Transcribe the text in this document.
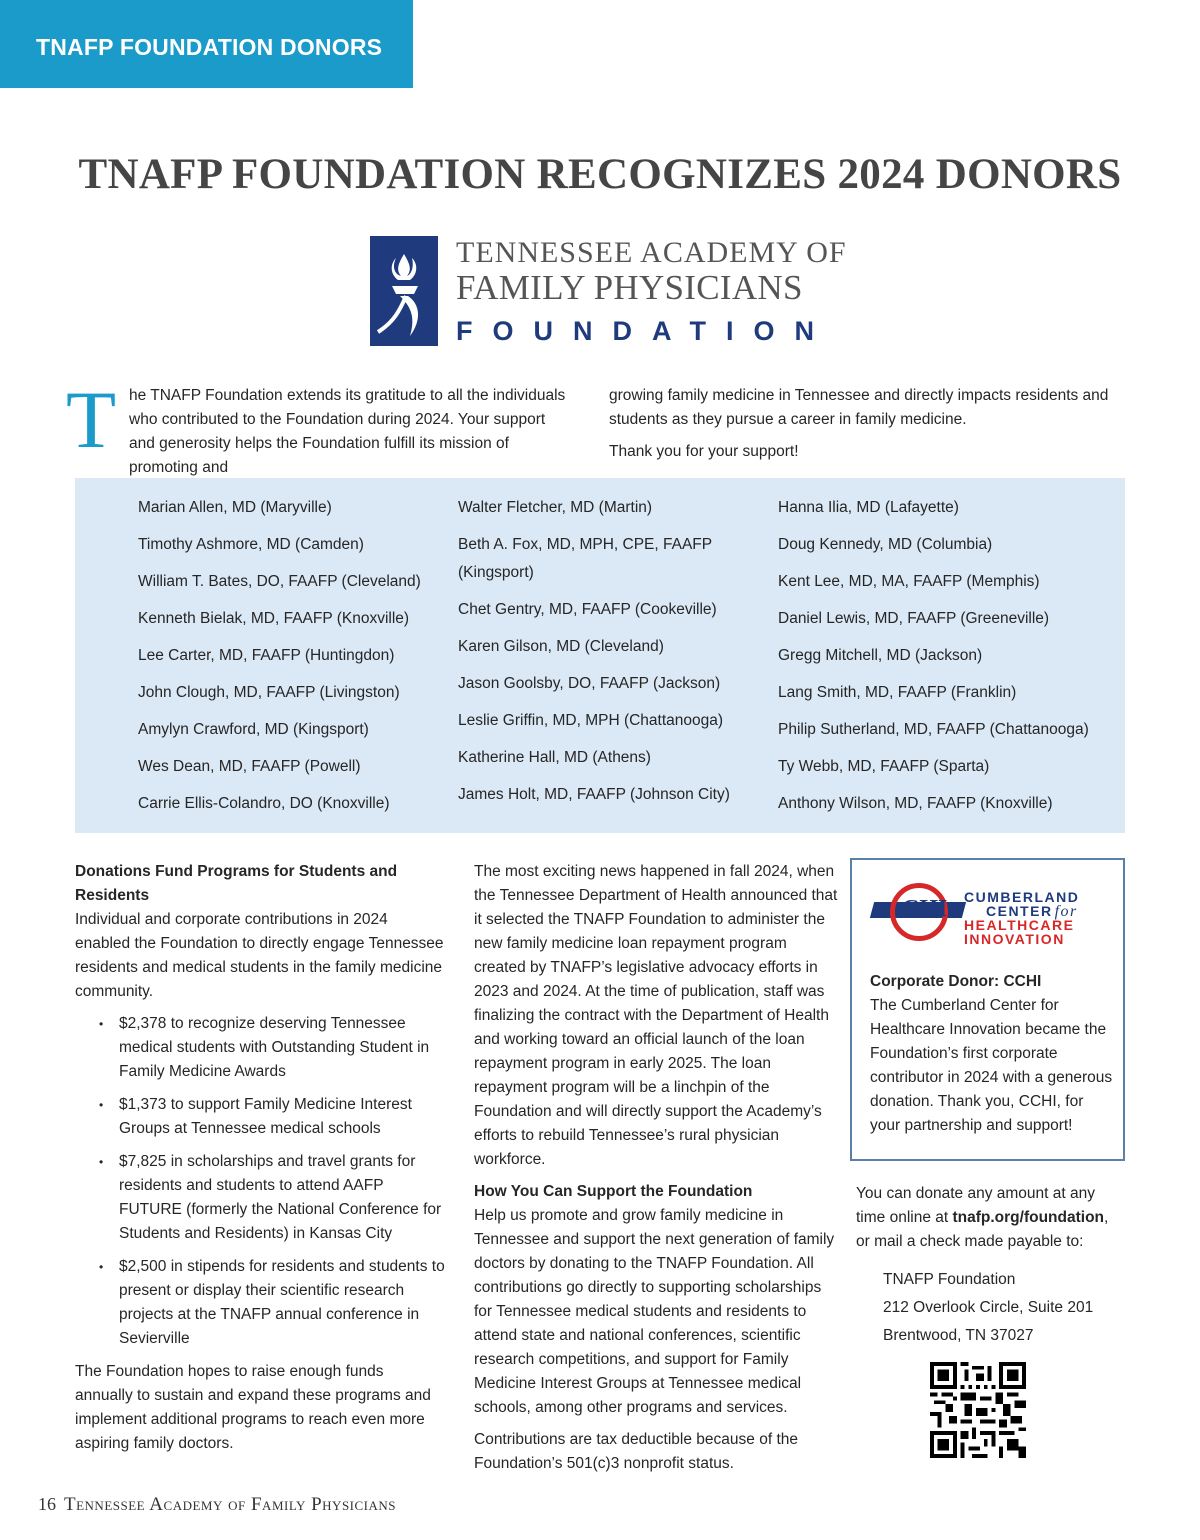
TNAFP FOUNDATION DONORS
TNAFP FOUNDATION RECOGNIZES 2024 DONORS
TENNESSEE ACADEMY OF
FAMILY PHYSICIANS
FOUNDATION
T he TNAFP Foundation extends its gratitude to all the individuals who contributed to the Foundation during 2024. Your support and generosity helps the Foundation fulfill its mission of promoting and

growing family medicine in Tennessee and directly impacts residents and students as they pursue a career in family medicine.

Thank you for your support!

Marian Allen, MD (Maryville)
Timothy Ashmore, MD (Camden)
William T. Bates, DO, FAAFP (Cleveland)
Kenneth Bielak, MD, FAAFP (Knoxville)
Lee Carter, MD, FAAFP (Huntingdon)
John Clough, MD, FAAFP (Livingston)
Amylyn Crawford, MD (Kingsport)
Wes Dean, MD, FAAFP (Powell)
Carrie Ellis-Colandro, DO (Knoxville)
Walter Fletcher, MD (Martin)
Beth A. Fox, MD, MPH, CPE, FAAFP (Kingsport)
Chet Gentry, MD, FAAFP (Cookeville)
Karen Gilson, MD (Cleveland)
Jason Goolsby, DO, FAAFP (Jackson)
Leslie Griffin, MD, MPH (Chattanooga)
Katherine Hall, MD (Athens)
James Holt, MD, FAAFP (Johnson City)
Hanna Ilia, MD (Lafayette)
Doug Kennedy, MD (Columbia)
Kent Lee, MD, MA, FAAFP (Memphis)
Daniel Lewis, MD, FAAFP (Greeneville)
Gregg Mitchell, MD (Jackson)
Lang Smith, MD, FAAFP (Franklin)
Philip Sutherland, MD, FAAFP (Chattanooga)
Ty Webb, MD, FAAFP (Sparta)
Anthony Wilson, MD, FAAFP (Knoxville)

Donations Fund Programs for Students and Residents

Individual and corporate contributions in 2024 enabled the Foundation to directly engage Tennessee residents and medical students in the family medicine community.

• $2,378 to recognize deserving Tennessee medical students with Outstanding Student in Family Medicine Awards
• $1,373 to support Family Medicine Interest Groups at Tennessee medical schools
• $7,825 in scholarships and travel grants for residents and students to attend AAFP FUTURE (formerly the National Conference for Students and Residents) in Kansas City
• $2,500 in stipends for residents and students to present or display their scientific research projects at the TNAFP annual conference in Sevierville

The Foundation hopes to raise enough funds annually to sustain and expand these programs and implement additional programs to reach even more aspiring family doctors.

The most exciting news happened in fall 2024, when the Tennessee Department of Health announced that it selected the TNAFP Foundation to administer the new family medicine loan repayment program created by TNAFP’s legislative advocacy efforts in 2023 and 2024. At the time of publication, staff was finalizing the contract with the Department of Health and working toward an official launch of the loan repayment program in early 2025. The loan repayment program will be a linchpin of the Foundation and will directly support the Academy’s efforts to rebuild Tennessee’s rural physician workforce.

How You Can Support the Foundation

Help us promote and grow family medicine in Tennessee and support the next generation of family doctors by donating to the TNAFP Foundation. All contributions go directly to supporting scholarships for Tennessee medical students and residents to attend state and national conferences, scientific research competitions, and support for Family Medicine Interest Groups at Tennessee medical schools, among other programs and services.

Contributions are tax deductible because of the Foundation’s 501(c)3 nonprofit status.

CHI CUMBERLAND
CENTER for
HEALTHCARE
INNOVATION

Corporate Donor: CCHI

The Cumberland Center for Healthcare Innovation became the Foundation’s first corporate contributor in 2024 with a generous donation. Thank you, CCHI, for your partnership and support!

You can donate any amount at any time online at tnafp.org/foundation, or mail a check made payable to:

TNAFP Foundation
212 Overlook Circle, Suite 201
Brentwood, TN 37027
16 Tennessee Academy of Family Physicians
